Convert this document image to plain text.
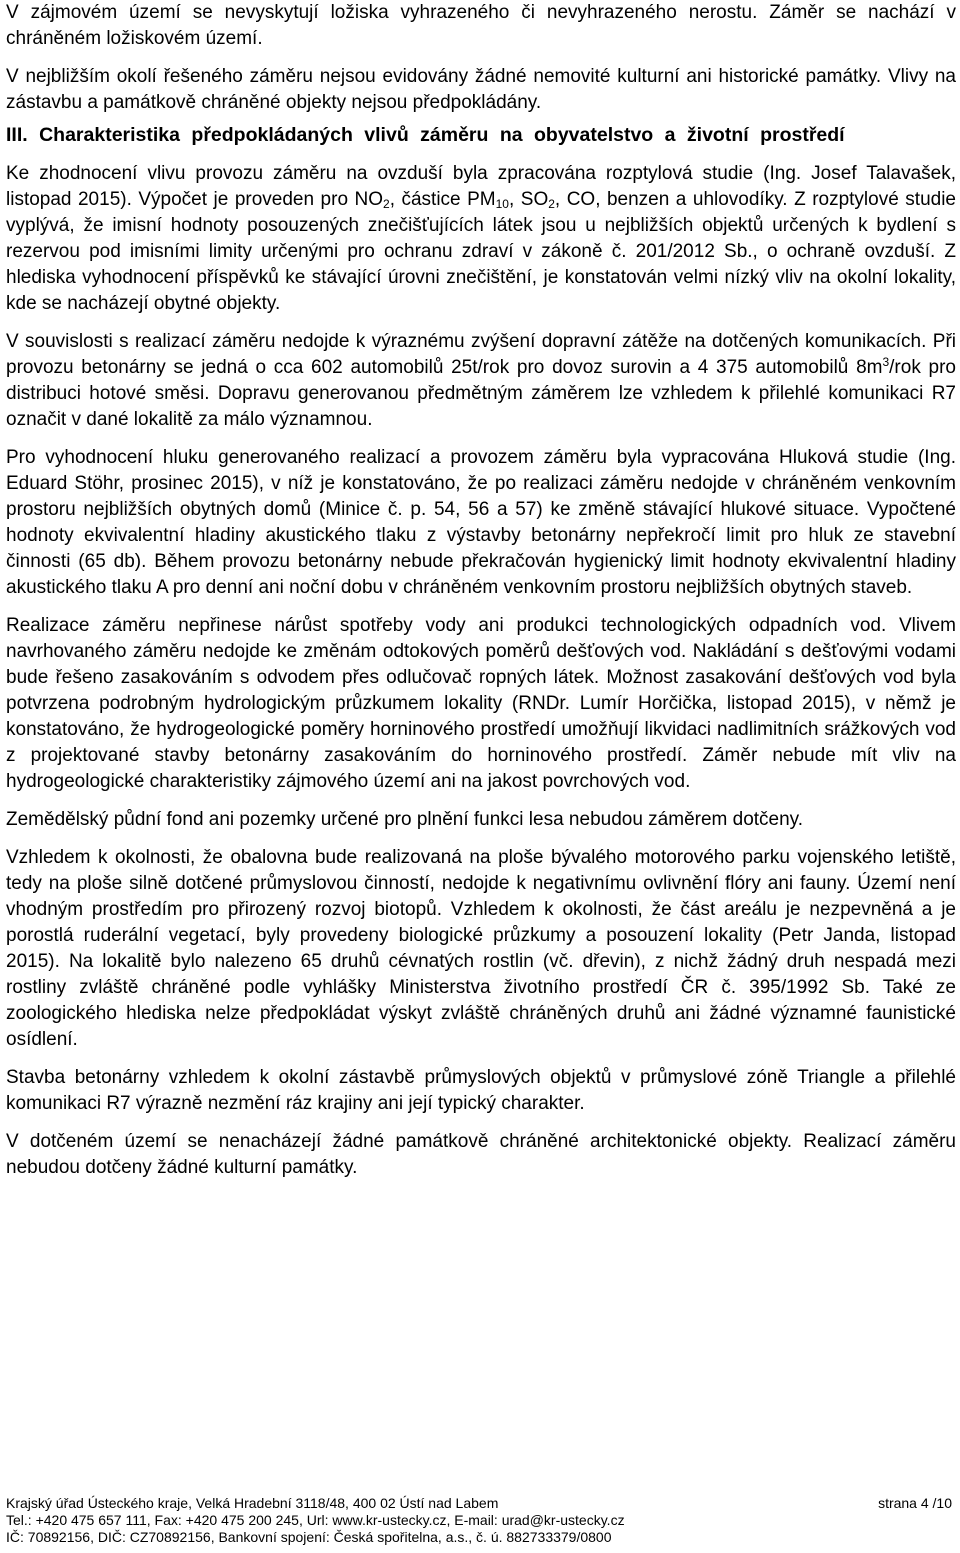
V zájmovém území se nevyskytují ložiska vyhrazeného či nevyhrazeného nerostu. Záměr se nachází v chráněném ložiskovém území.

V nejbližším okolí řešeného záměru nejsou evidovány žádné nemovité kulturní ani historické památky. Vlivy na zástavbu a památkově chráněné objekty nejsou předpokládány.

III. Charakteristika předpokládaných vlivů záměru na obyvatelstvo a životní prostředí

Ke zhodnocení vlivu provozu záměru na ovzduší byla zpracována rozptylová studie (Ing. Josef Talavašek, listopad 2015). Výpočet je proveden pro $NO_2$, částice $PM_{10}$, $SO_2$, CO, benzen a uhlovodíky. Z rozptylové studie vyplývá, že imisní hodnoty posouzených znečišťujících látek jsou u nejbližších objektů určených k bydlení s rezervou pod imisními limity určenými pro ochranu zdraví v zákoně č. 201/2012 Sb., o ochraně ovzduší. Z hlediska vyhodnocení příspěvků ke stávající úrovni znečištění, je konstatován velmi nízký vliv na okolní lokality, kde se nacházejí obytné objekty.

V souvislosti s realizací záměru nedojde k výraznému zvýšení dopravní zátěže na dotčených komunikacích. Při provozu betonárny se jedná o cca 602 automobilů 25t/rok pro dovoz surovin a 4 375 automobilů $8m^3$/rok pro distribuci hotové směsi. Dopravu generovanou předmětným záměrem lze vzhledem k přilehlé komunikaci R7 označit v dané lokalitě za málo významnou.

Pro vyhodnocení hluku generovaného realizací a provozem záměru byla vypracována Hluková studie (Ing. Eduard Stöhr, prosinec 2015), v níž je konstatováno, že po realizaci záměru nedojde v chráněném venkovním prostoru nejbližších obytných domů (Minice č. p. 54, 56 a 57) ke změně stávající hlukové situace. Vypočtené hodnoty ekvivalentní hladiny akustického tlaku z výstavby betonárny nepřekročí limit pro hluk ze stavební činnosti (65 db). Během provozu betonárny nebude překračován hygienický limit hodnoty ekvivalentní hladiny akustického tlaku A pro denní ani noční dobu v chráněném venkovním prostoru nejbližších obytných staveb.

Realizace záměru nepřinese nárůst spotřeby vody ani produkci technologických odpadních vod. Vlivem navrhovaného záměru nedojde ke změnám odtokových poměrů dešťových vod. Nakládání s dešťovými vodami bude řešeno zasakováním s odvodem přes odlučovač ropných látek. Možnost zasakování dešťových vod byla potvrzena podrobným hydrologickým průzkumem lokality (RNDr. Lumír Horčička, listopad 2015), v němž je konstatováno, že hydrogeologické poměry horninového prostředí umožňují likvidaci nadlimitních srážkových vod z projektované stavby betonárny zasakováním do horninového prostředí. Záměr nebude mít vliv na hydrogeologické charakteristiky zájmového území ani na jakost povrchových vod.

Zemědělský půdní fond ani pozemky určené pro plnění funkci lesa nebudou záměrem dotčeny.

Vzhledem k okolnosti, že obalovna bude realizovaná na ploše bývalého motorového parku vojenského letiště, tedy na ploše silně dotčené průmyslovou činností, nedojde k negativnímu ovlivnění flóry ani fauny. Území není vhodným prostředím pro přirozený rozvoj biotopů. Vzhledem k okolnosti, že část areálu je nezpevněná a je porostlá ruderální vegetací, byly provedeny biologické průzkumy a posouzení lokality (Petr Janda, listopad 2015). Na lokalitě bylo nalezeno 65 druhů cévnatých rostlin (vč. dřevin), z nichž žádný druh nespadá mezi rostliny zvláště chráněné podle vyhlášky Ministerstva životního prostředí ČR č. 395/1992 Sb. Také ze zoologického hlediska nelze předpokládat výskyt zvláště chráněných druhů ani žádné významné faunistické osídlení.

Stavba betonárny vzhledem k okolní zástavbě průmyslových objektů v průmyslové zóně Triangle a přilehlé komunikaci R7 výrazně nezmění ráz krajiny ani její typický charakter.

V dotčeném území se nenacházejí žádné památkově chráněné architektonické objekty. Realizací záměru nebudou dotčeny žádné kulturní památky.

Krajský úřad Ústeckého kraje, Velká Hradební 3118/48, 400 02 Ústí nad Labem	strana 4 /10
Tel.: +420 475 657 111, Fax: +420 475 200 245, Url: www.kr-ustecky.cz, E-mail: urad@kr-ustecky.cz
IČ: 70892156, DIČ: CZ70892156, Bankovní spojení: Česká spořitelna, a.s., č. ú. 882733379/0800
